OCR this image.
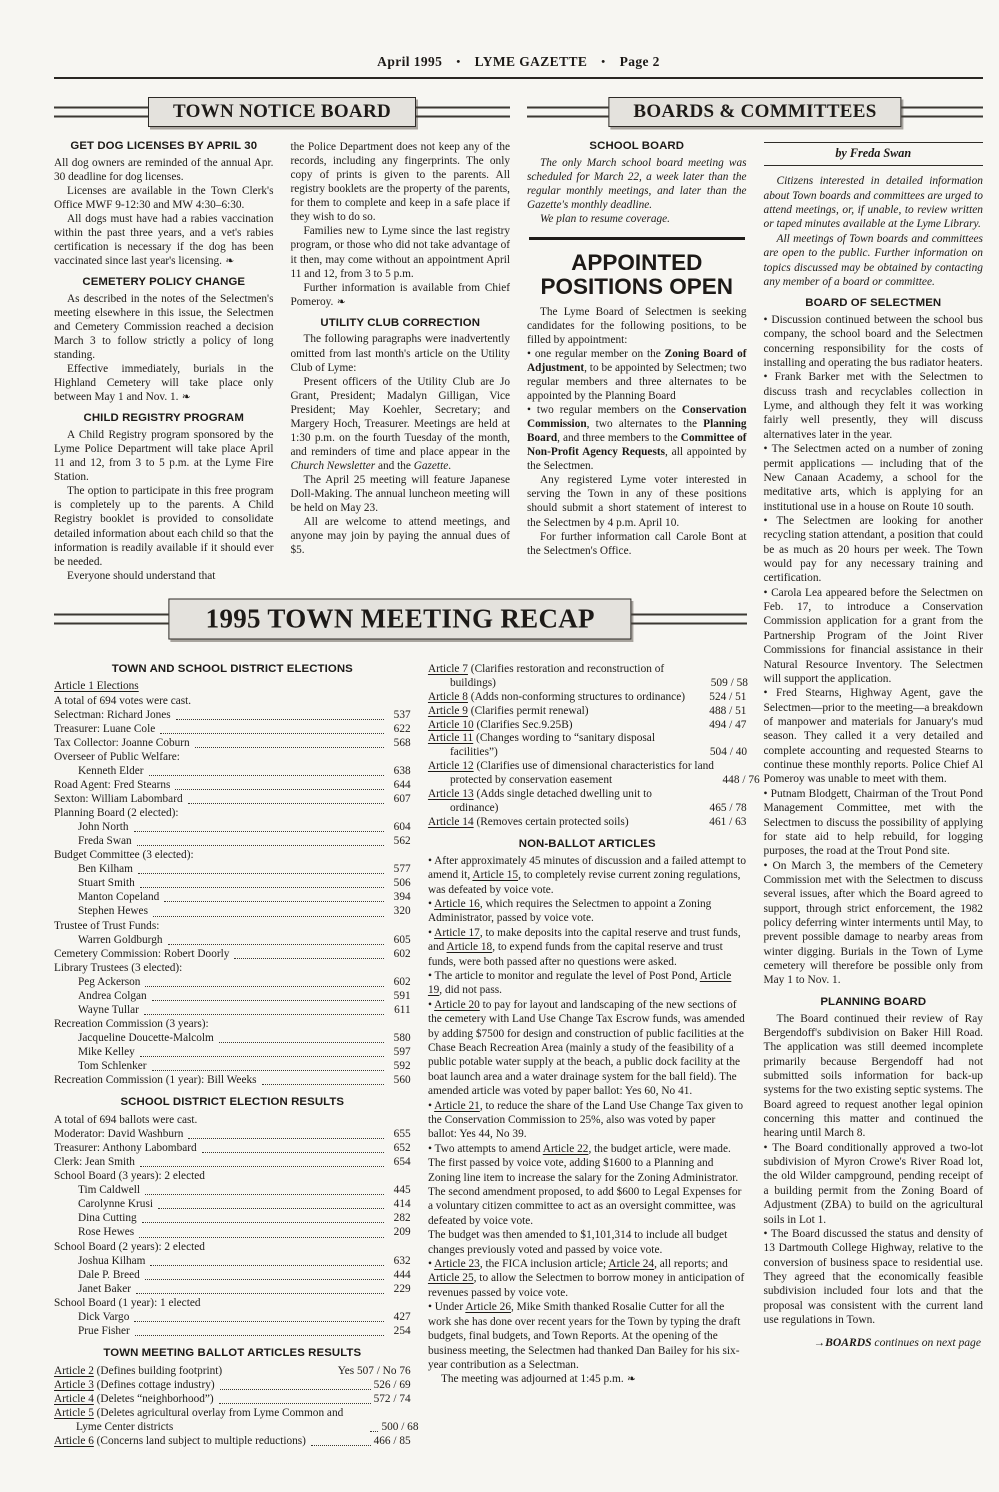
April 1995 • LYME GAZETTE • Page 2
TOWN NOTICE BOARD	BOARDS & COMMITTEES
GET DOG LICENSES BY APRIL 30

All dog owners are reminded of the annual Apr. 30 deadline for dog licenses.

Licenses are available in the Town Clerk's Office MWF 9-12:30 and MW 4:30–6:30.

All dogs must have had a rabies vaccination within the past three years, and a vet's rabies certification is necessary if the dog has been vaccinated since last year's licensing. ❧

CEMETERY POLICY CHANGE

As described in the notes of the Selectmen's meeting elsewhere in this issue, the Selectmen and Cemetery Commission reached a decision March 3 to follow strictly a policy of long standing.

Effective immediately, burials in the Highland Cemetery will take place only between May 1 and Nov. 1. ❧

CHILD REGISTRY PROGRAM

A Child Registry program sponsored by the Lyme Police Department will take place April 11 and 12, from 3 to 5 p.m. at the Lyme Fire Station.

The option to participate in this free program is completely up to the parents. A Child Registry booklet is provided to consolidate detailed information about each child so that the information is readily available if it should ever be needed.

Everyone should understand that

the Police Department does not keep any of the records, including any fingerprints. The only copy of prints is given to the parents. All registry booklets are the property of the parents, for them to complete and keep in a safe place if they wish to do so.

Families new to Lyme since the last registry program, or those who did not take advantage of it then, may come without an appointment April 11 and 12, from 3 to 5 p.m.

Further information is available from Chief Pomeroy. ❧

UTILITY CLUB CORRECTION

The following paragraphs were inadvertently omitted from last month's article on the Utility Club of Lyme:

Present officers of the Utility Club are Jo Grant, President; Madalyn Gilligan, Vice President; May Koehler, Secretary; and Margery Hoch, Treasurer. Meetings are held at 1:30 p.m. on the fourth Tuesday of the month, and reminders of time and place appear in the Church Newsletter and the Gazette.

The April 25 meeting will feature Japanese Doll-Making. The annual luncheon meeting will be held on May 23.

All are welcome to attend meetings, and anyone may join by paying the annual dues of $5.

SCHOOL BOARD

The only March school board meeting was scheduled for March 22, a week later than the regular monthly meetings, and later than the Gazette's monthly deadline.

We plan to resume coverage.

APPOINTED POSITIONS OPEN

The Lyme Board of Selectmen is seeking candidates for the following positions, to be filled by appointment:

• one regular member on the Zoning Board of Adjustment, to be appointed by Selectmen; two regular members and three alternates to be appointed by the Planning Board

• two regular members on the Conservation Commission, two alternates to the Planning Board, and three members to the Committee of Non-Profit Agency Requests, all appointed by the Selectmen.

Any registered Lyme voter interested in serving the Town in any of these positions should submit a short statement of interest to the Selectmen by 4 p.m. April 10.

For further information call Carole Bont at the Selectmen's Office.

by Freda Swan

Citizens interested in detailed information about Town boards and committees are urged to attend meetings, or, if unable, to review written or taped minutes available at the Lyme Library.

All meetings of Town boards and committees are open to the public. Further information on topics discussed may be obtained by contacting any member of a board or committee.

BOARD OF SELECTMEN

• Discussion continued between the school bus company, the school board and the Selectmen concerning responsibility for the costs of installing and operating the bus radiator heaters.

• Frank Barker met with the Selectmen to discuss trash and recyclables collection in Lyme, and although they felt it was working fairly well presently, they will discuss alternatives later in the year.

• The Selectmen acted on a number of zoning permit applications — including that of the New Canaan Academy, a school for the meditative arts, which is applying for an institutional use in a house on Route 10 south.

• The Selectmen are looking for another recycling station attendant, a position that could be as much as 20 hours per week. The Town would pay for any necessary training and certification.

• Carola Lea appeared before the Selectmen on Feb. 17, to introduce a Conservation Commission application for a grant from the Partnership Program of the Joint River Commissions for financial assistance in their Natural Resource Inventory. The Selectmen will support the application.

• Fred Stearns, Highway Agent, gave the Selectmen—prior to the meeting—a breakdown of manpower and materials for January's mud season. They called it a very detailed and complete accounting and requested Stearns to continue these monthly reports. Police Chief Al Pomeroy was unable to meet with them.

• Putnam Blodgett, Chairman of the Trout Pond Management Committee, met with the Selectmen to discuss the possibility of applying for state aid to help rebuild, for logging purposes, the road at the Trout Pond site.

• On March 3, the members of the Cemetery Commission met with the Selectmen to discuss several issues, after which the Board agreed to support, through strict enforcement, the 1982 policy deferring winter interments until May, to prevent possible damage to nearby areas from winter digging. Burials in the Town of Lyme cemetery will therefore be possible only from May 1 to Nov. 1.

PLANNING BOARD

The Board continued their review of Ray Bergendoff's subdivision on Baker Hill Road. The application was still deemed incomplete primarily because Bergendoff had not submitted soils information for back-up systems for the two existing septic systems. The Board agreed to request another legal opinion concerning this matter and continued the hearing until March 8.

• The Board conditionally approved a two-lot subdivision of Myron Crowe's River Road lot, the old Wilder campground, pending receipt of a building permit from the Zoning Board of Adjustment (ZBA) to build on the agricultural soils in Lot 1.

• The Board discussed the status and density of 13 Dartmouth College Highway, relative to the conversion of business space to residential use. They agreed that the economically feasible subdivision included four lots and that the proposal was consistent with the current land use regulations in Town.

→BOARDS continues on next page
1995 TOWN MEETING RECAP
TOWN AND SCHOOL DISTRICT ELECTIONS
Article 1 Elections
A total of 694 votes were cast.
Selectman: Richard Jones	537
Treasurer: Luane Cole	622
Tax Collector: Joanne Coburn	568
Overseer of Public Welfare:
Kenneth Elder	638
Road Agent: Fred Stearns	644
Sexton: William Labombard	607
Planning Board (2 elected):
John North	604
Freda Swan	562
Budget Committee (3 elected):
Ben Kilham	577
Stuart Smith	506
Manton Copeland	394
Stephen Hewes	320
Trustee of Trust Funds:
Warren Goldburgh	605
Cemetery Commission: Robert Doorly	602
Library Trustees (3 elected):
Peg Ackerson	602
Andrea Colgan	591
Wayne Tullar	611
Recreation Commission (3 years):
Jacqueline Doucette-Malcolm	580
Mike Kelley	597
Tom Schlenker	592
Recreation Commission (1 year): Bill Weeks	560
SCHOOL DISTRICT ELECTION RESULTS
A total of 694 ballots were cast.
Moderator: David Washburn	655
Treasurer: Anthony Labombard	652
Clerk: Jean Smith	654
School Board (3 years): 2 elected
Tim Caldwell	445
Carolynne Krusi	414
Dina Cutting	282
Rose Hewes	209
School Board (2 years): 2 elected
Joshua Kilham	632
Dale P. Breed	444
Janet Baker	229
School Board (1 year): 1 elected
Dick Vargo	427
Prue Fisher	254
TOWN MEETING BALLOT ARTICLES RESULTS
Article 2 (Defines building footprint)	Yes 507 / No 76
Article 3 (Defines cottage industry)	526 / 69
Article 4 (Deletes “neighborhood”)	572 / 74
Article 5 (Deletes agricultural overlay from Lyme Common and Lyme Center districts	500 / 68
Article 6 (Concerns land subject to multiple reductions)	466 / 85
Article 7 (Clarifies restoration and reconstruction of buildings)	509 / 58
Article 8 (Adds non-conforming structures to ordinance) 524 / 51
Article 9 (Clarifies permit renewal)	488 / 51
Article 10 (Clarifies Sec.9.25B)	494 / 47
Article 11 (Changes wording to “sanitary disposal facilities”)	504 / 40
Article 12 (Clarifies use of dimensional characteristics for land protected by conservation easement	448 / 76
Article 13 (Adds single detached dwelling unit to ordinance)	465 / 78
Article 14 (Removes certain protected soils)	461 / 63
NON-BALLOT ARTICLES

• After approximately 45 minutes of discussion and a failed attempt to amend it, Article 15, to completely revise current zoning regulations, was defeated by voice vote.

• Article 16, which requires the Selectmen to appoint a Zoning Administrator, passed by voice vote.

• Article 17, to make deposits into the capital reserve and trust funds, and Article 18, to expend funds from the capital reserve and trust funds, were both passed after no questions were asked.

• The article to monitor and regulate the level of Post Pond, Article 19, did not pass.

• Article 20 to pay for layout and landscaping of the new sections of the cemetery with Land Use Change Tax Escrow funds, was amended by adding $7500 for design and construction of public facilities at the Chase Beach Recreation Area (mainly a study of the feasibility of a public potable water supply at the beach, a public dock facility at the boat launch area and a water drainage system for the ball field). The amended article was voted by paper ballot: Yes 60, No 41.

• Article 21, to reduce the share of the Land Use Change Tax given to the Conservation Commission to 25%, also was voted by paper ballot: Yes 44, No 39.

• Two attempts to amend Article 22, the budget article, were made. The first passed by voice vote, adding $1600 to a Planning and Zoning line item to increase the salary for the Zoning Administrator. The second amendment proposed, to add $600 to Legal Expenses for a voluntary citizen committee to act as an oversight committee, was defeated by voice vote.

The budget was then amended to $1,101,314 to include all budget changes previously voted and passed by voice vote.

• Article 23, the FICA inclusion article; Article 24, all reports; and Article 25, to allow the Selectmen to borrow money in anticipation of revenues passed by voice vote.

• Under Article 26, Mike Smith thanked Rosalie Cutter for all the work she has done over recent years for the Town by typing the draft budgets, final budgets, and Town Reports. At the opening of the business meeting, the Selectmen had thanked Dan Bailey for his six- year contribution as a Selectman.

The meeting was adjourned at 1:45 p.m. ❧
